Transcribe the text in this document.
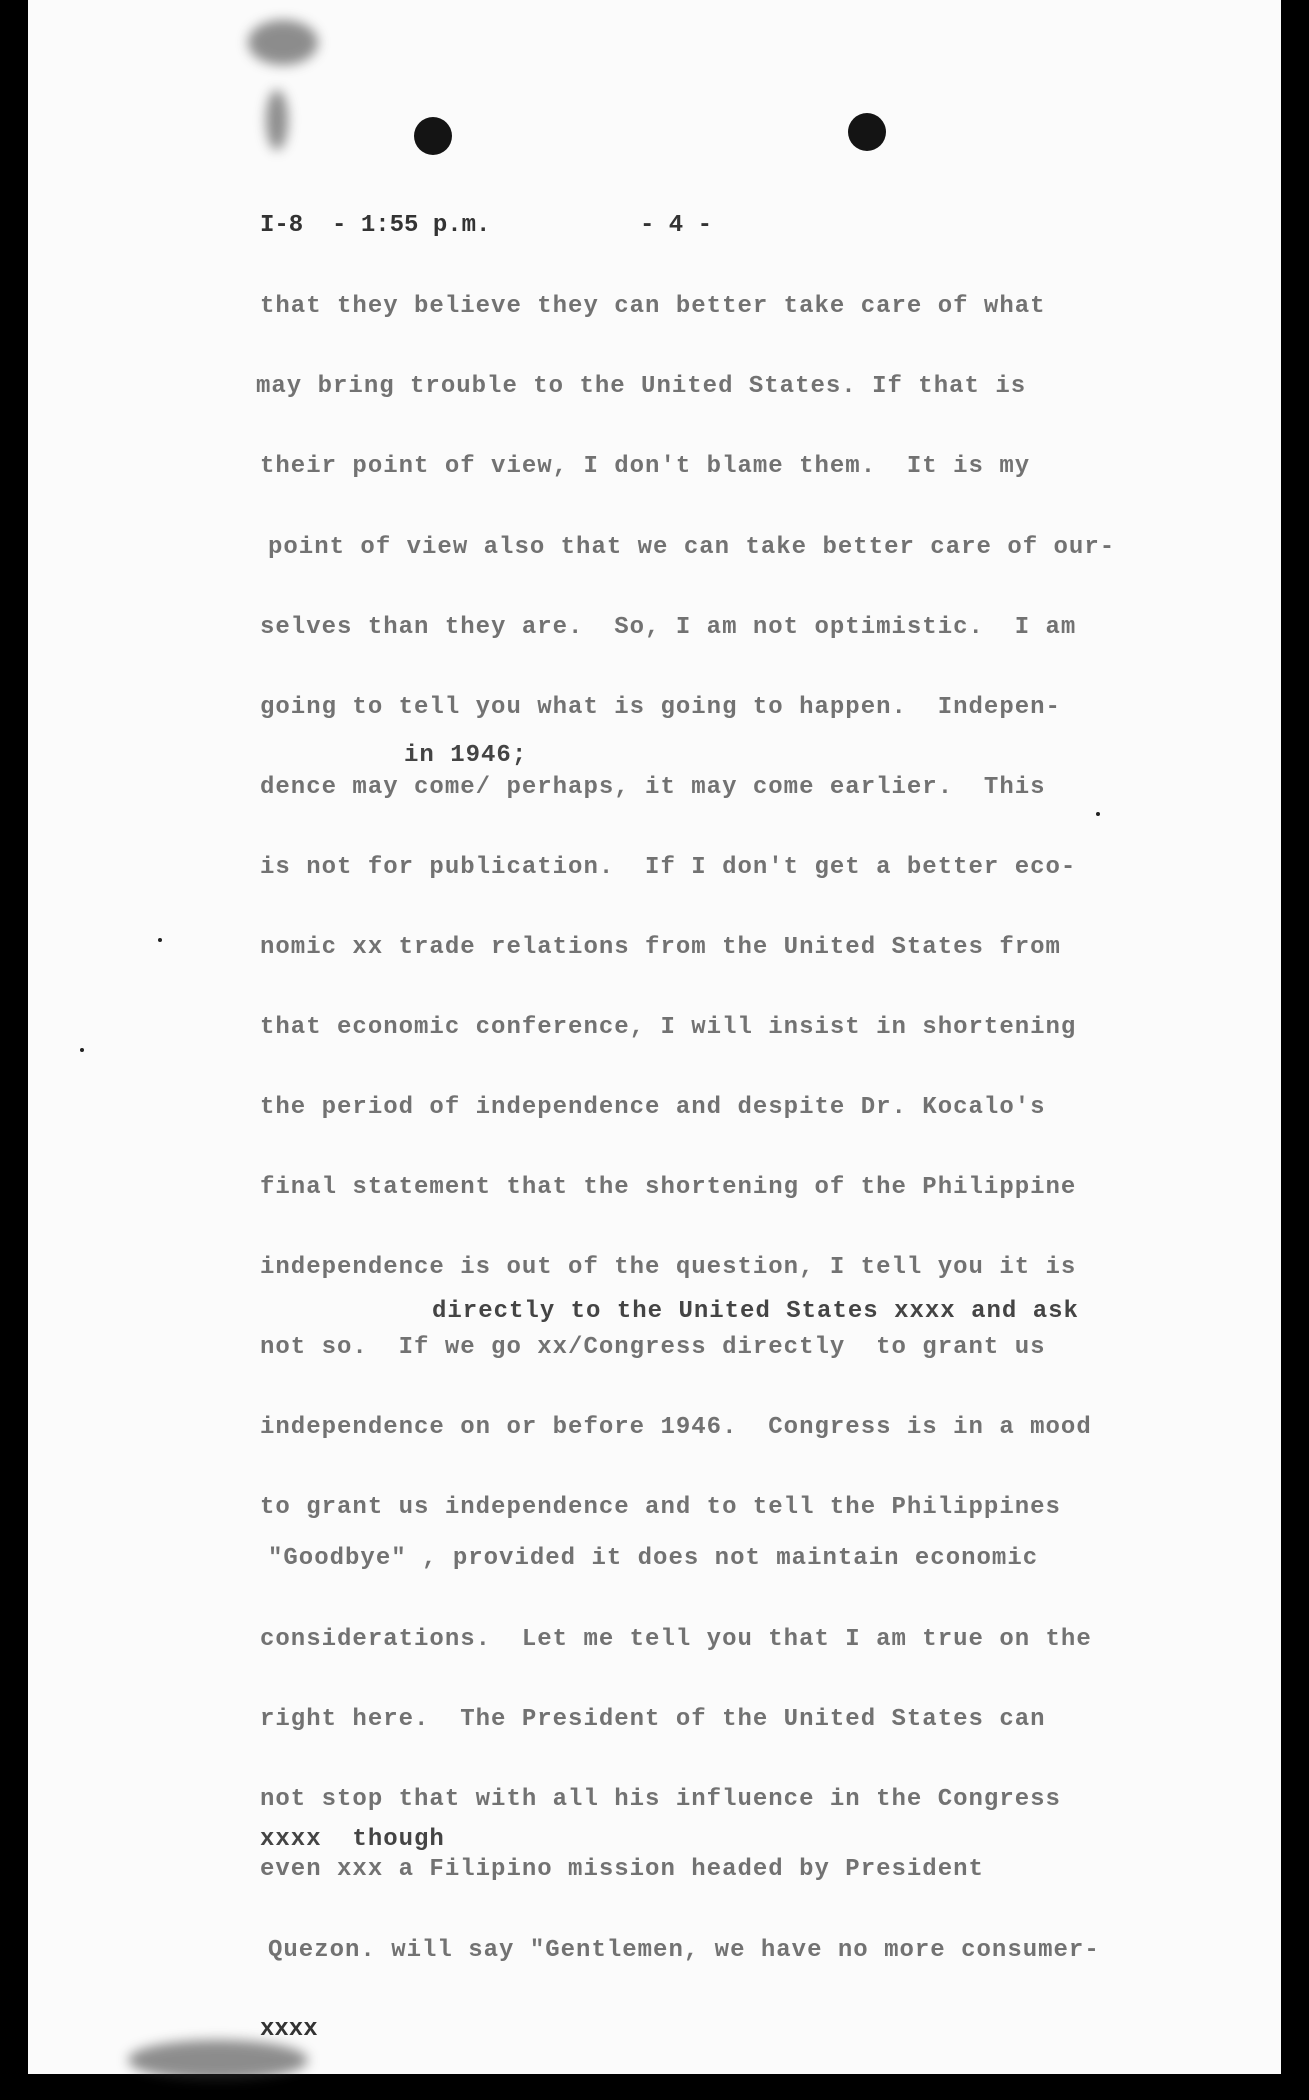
I-8  - 1:55 p.m.	- 4 -
that they believe they can better take care of what
may bring trouble to the United States. If that is
their point of view, I don't blame them.  It is my
point of view also that we can take better care of our-
selves than they are.  So, I am not optimistic.  I am
going to tell you what is going to happen.  Indepen-
in 1946;
dence may come/ perhaps, it may come earlier.  This
is not for publication.  If I don't get a better eco-
nomic xx trade relations from the United States from
that economic conference, I will insist in shortening
the period of independence and despite Dr. Kocalo's
final statement that the shortening of the Philippine
independence is out of the question, I tell you it is
directly to the United States xxxx and ask
not so.  If we go xx/Congress directly  to grant us
independence on or before 1946.  Congress is in a mood
to grant us independence and to tell the Philippines
"Goodbye" , provided it does not maintain economic
considerations.  Let me tell you that I am true on the
right here.  The President of the United States can
not stop that with all his influence in the Congress
xxxx  though
even xxx a Filipino mission headed by President
Quezon. will say "Gentlemen, we have no more consumer-
xxxx
